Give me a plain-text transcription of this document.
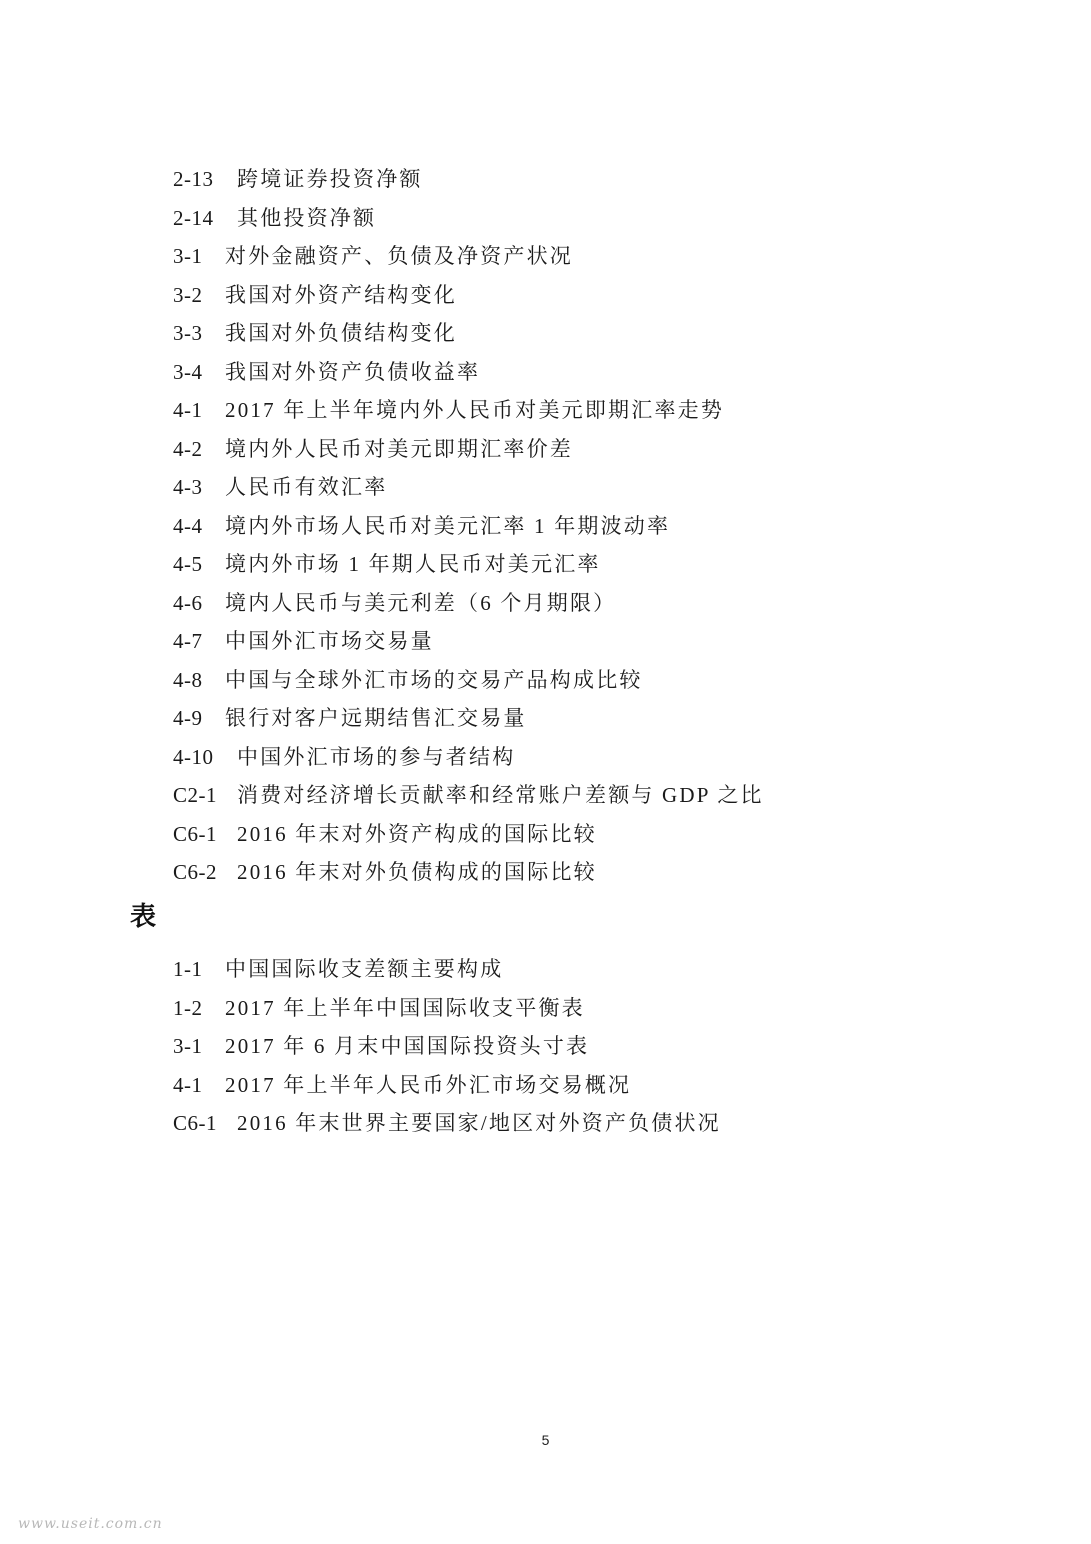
2-13 跨境证券投资净额
2-14 其他投资净额
3-1 对外金融资产、负债及净资产状况
3-2 我国对外资产结构变化
3-3 我国对外负债结构变化
3-4 我国对外资产负债收益率
4-1 2017 年上半年境内外人民币对美元即期汇率走势
4-2 境内外人民币对美元即期汇率价差
4-3 人民币有效汇率
4-4 境内外市场人民币对美元汇率 1 年期波动率
4-5 境内外市场 1 年期人民币对美元汇率
4-6 境内人民币与美元利差（6 个月期限）
4-7 中国外汇市场交易量
4-8 中国与全球外汇市场的交易产品构成比较
4-9 银行对客户远期结售汇交易量
4-10 中国外汇市场的参与者结构
C2-1 消费对经济增长贡献率和经常账户差额与 GDP 之比
C6-1 2016 年末对外资产构成的国际比较
C6-2 2016 年末对外负债构成的国际比较
表
1-1 中国国际收支差额主要构成
1-2 2017 年上半年中国国际收支平衡表
3-1 2017 年 6 月末中国国际投资头寸表
4-1 2017 年上半年人民币外汇市场交易概况
C6-1 2016 年末世界主要国家/地区对外资产负债状况
5
www.useit.com.cn
